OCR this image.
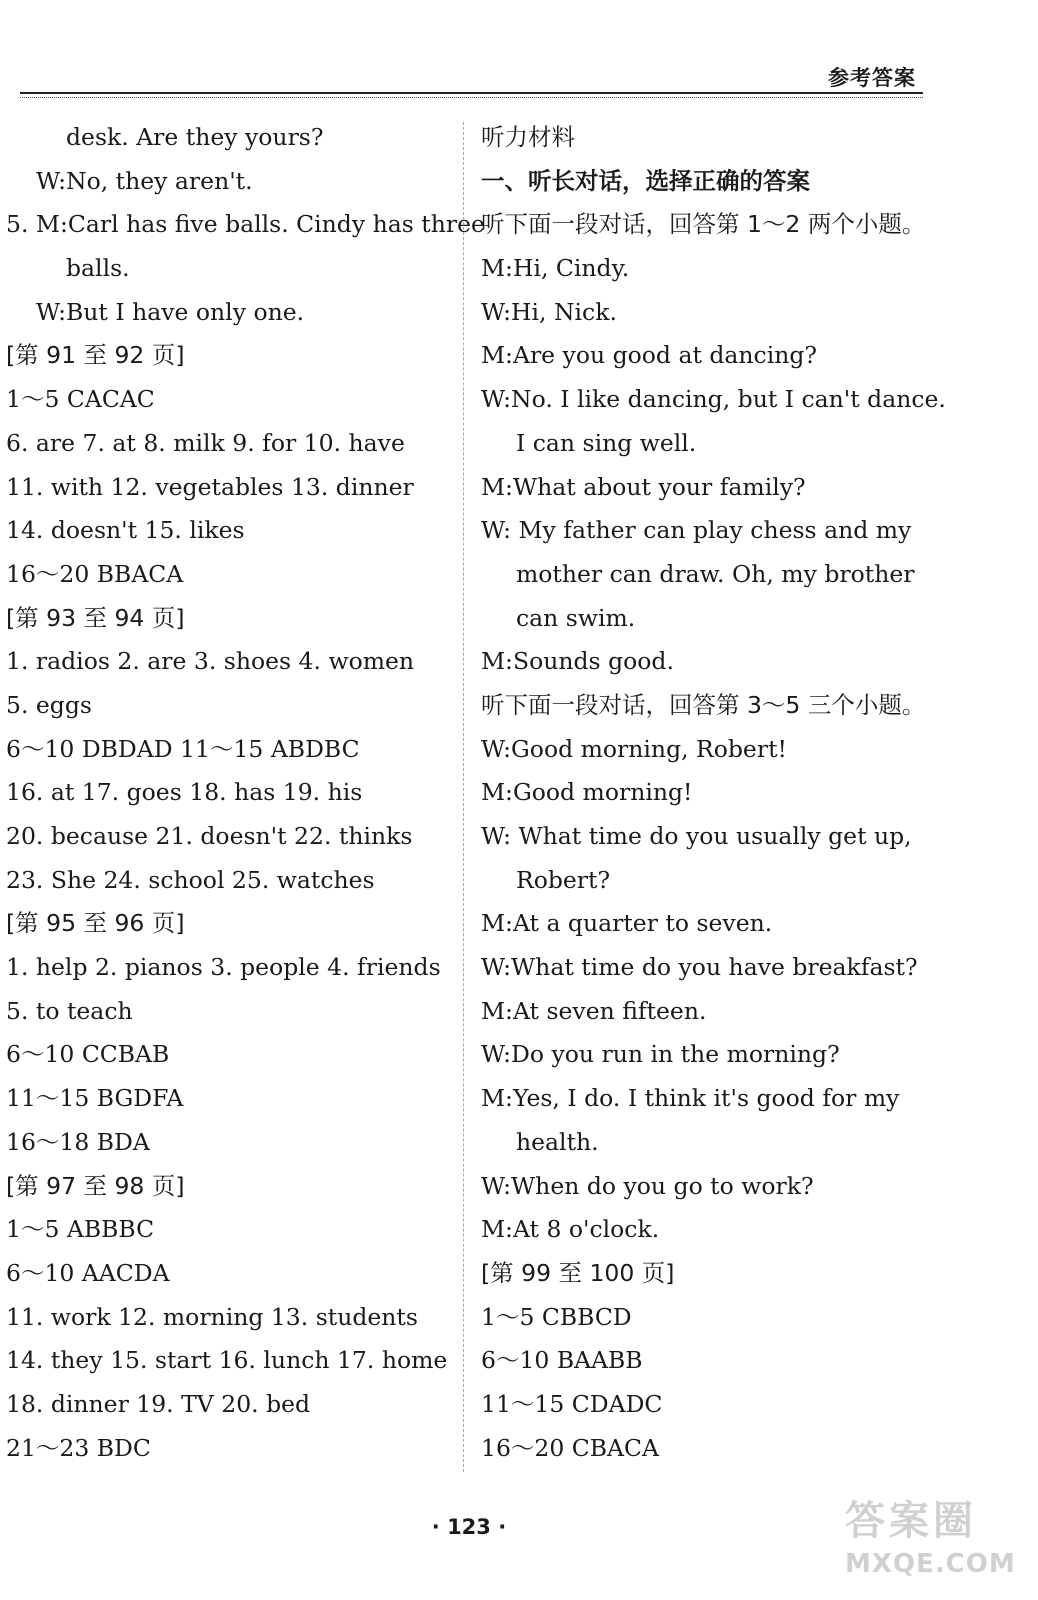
参考答案
desk. Are they yours?
W:No, they aren't.
5. M:Carl has five balls. Cindy has three
balls.
W:But I have only one.
[第 91 至 92 页]
1～5 CACAC
6. are 7. at 8. milk 9. for 10. have
11. with 12. vegetables 13. dinner
14. doesn't 15. likes
16～20 BBACA
[第 93 至 94 页]
1. radios 2. are 3. shoes 4. women
5. eggs
6～10 DBDAD 11～15 ABDBC
16. at 17. goes 18. has 19. his
20. because 21. doesn't 22. thinks
23. She 24. school 25. watches
[第 95 至 96 页]
1. help 2. pianos 3. people 4. friends
5. to teach
6～10 CCBAB
11～15 BGDFA
16～18 BDA
[第 97 至 98 页]
1～5 ABBBC
6～10 AACDA
11. work 12. morning 13. students
14. they 15. start 16. lunch 17. home
18. dinner 19. TV 20. bed
21～23 BDC
听力材料
一、听长对话，选择正确的答案
听下面一段对话，回答第 1～2 两个小题。
M:Hi, Cindy.
W:Hi, Nick.
M:Are you good at dancing?
W:No. I like dancing, but I can't dance.
I can sing well.
M:What about your family?
W: My father can play chess and my
mother can draw. Oh, my brother
can swim.
M:Sounds good.
听下面一段对话，回答第 3～5 三个小题。
W:Good morning, Robert!
M:Good morning!
W: What time do you usually get up,
Robert?
M:At a quarter to seven.
W:What time do you have breakfast?
M:At seven fifteen.
W:Do you run in the morning?
M:Yes, I do. I think it's good for my
health.
W:When do you go to work?
M:At 8 o'clock.
[第 99 至 100 页]
1～5 CBBCD
6～10 BAABB
11～15 CDADC
16～20 CBACA
· 123 ·	答案圈
MXQE.COM
